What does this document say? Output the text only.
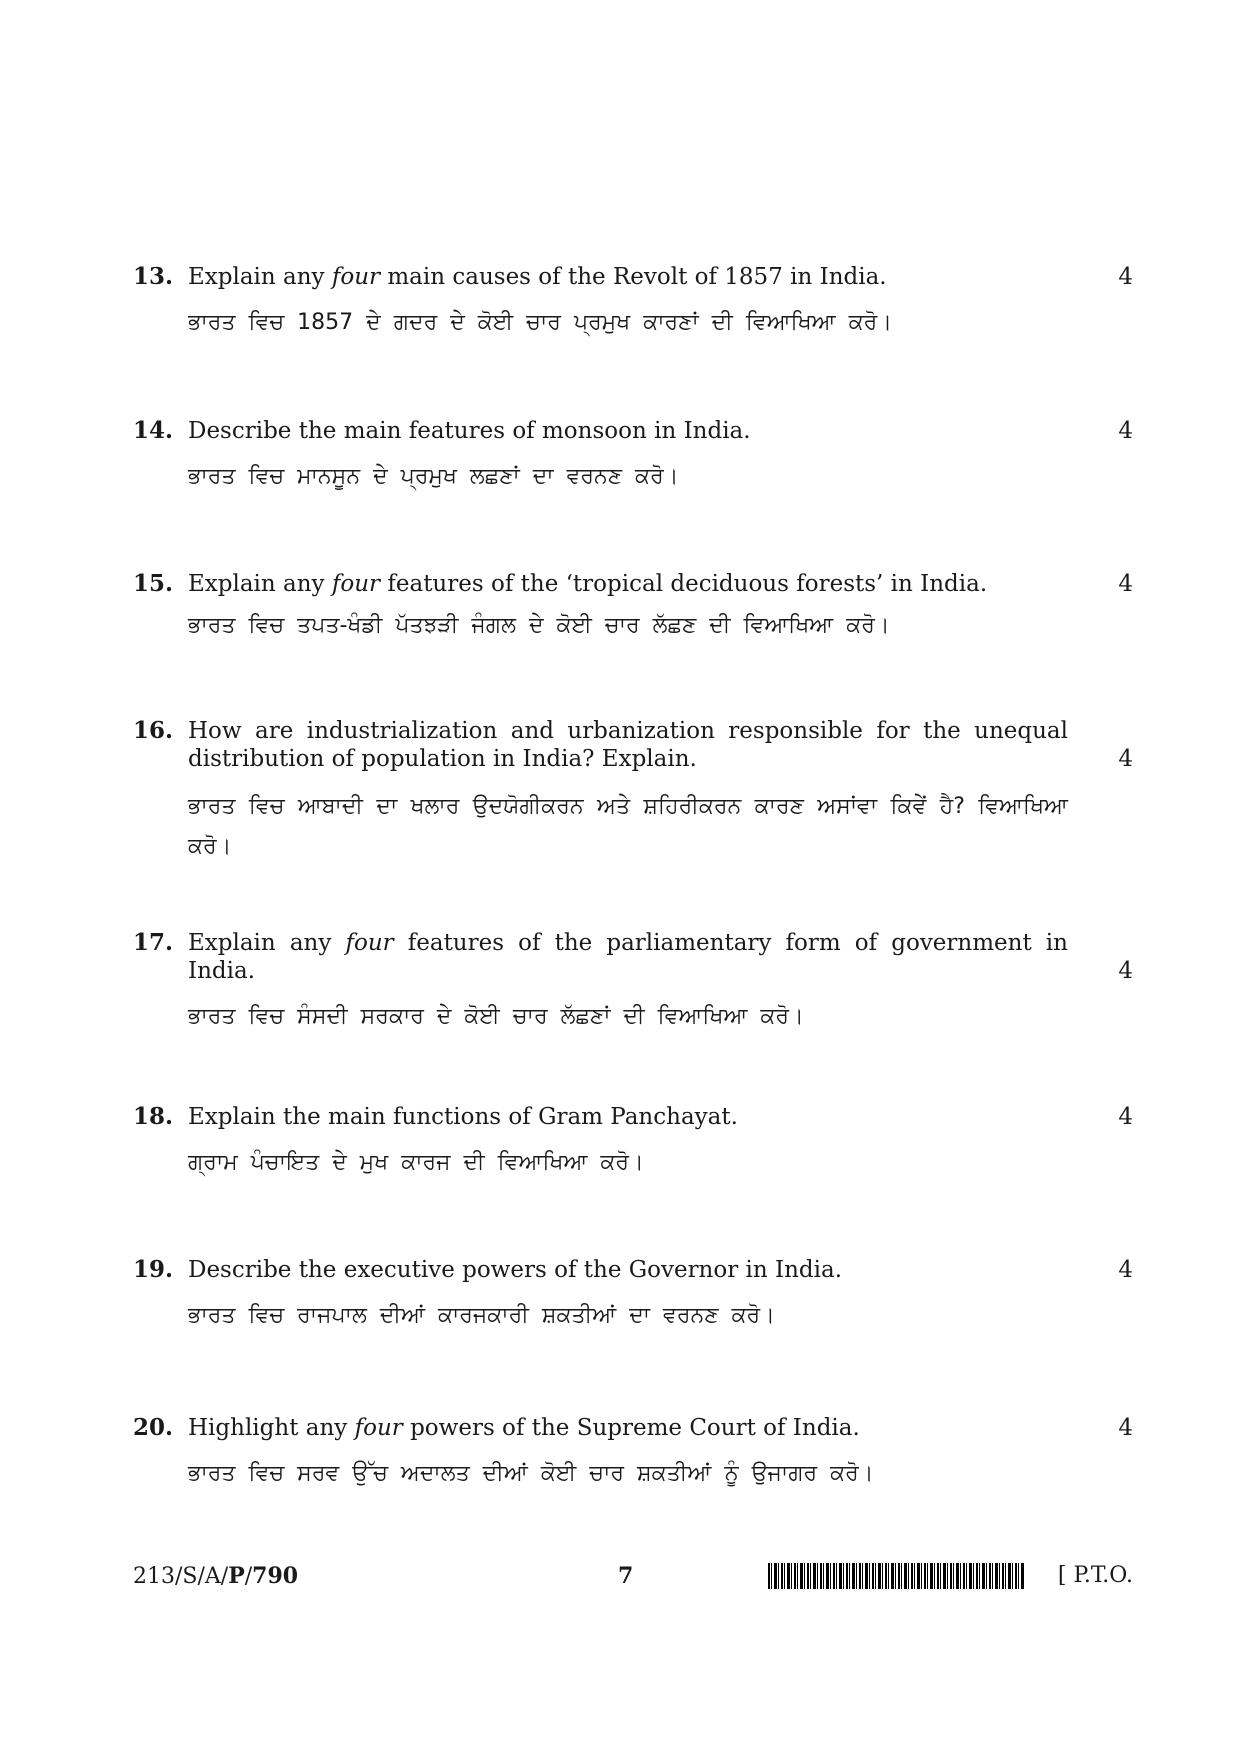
13. Explain any four main causes of the Revolt of 1857 in India.	4
ਭਾਰਤ ਵਿਚ 1857 ਦੇ ਗਦਰ ਦੇ ਕੋਈ ਚਾਰ ਪ੍ਰਮੁਖ ਕਾਰਣਾਂ ਦੀ ਵਿਆਖਿਆ ਕਰੋ।
14. Describe the main features of monsoon in India.	4
ਭਾਰਤ ਵਿਚ ਮਾਨਸੂਨ ਦੇ ਪ੍ਰਮੁਖ ਲਛਣਾਂ ਦਾ ਵਰਨਣ ਕਰੋ।
15. Explain any four features of the ‘tropical deciduous forests’ in India.	4
ਭਾਰਤ ਵਿਚ ਤਪਤ-ਖੰਡੀ ਪੱਤਝੜੀ ਜੰਗਲ ਦੇ ਕੋਈ ਚਾਰ ਲੱਛਣ ਦੀ ਵਿਆਖਿਆ ਕਰੋ।
16. How are industrialization and urbanization responsible for the unequal distribution of population in India? Explain.	4
ਭਾਰਤ ਵਿਚ ਆਬਾਦੀ ਦਾ ਖਲਾਰ ਉਦਯੋਗੀਕਰਨ ਅਤੇ ਸ਼ਹਿਰੀਕਰਨ ਕਾਰਣ ਅਸਾਂਵਾ ਕਿਵੇਂ ਹੈ? ਵਿਆਖਿਆ ਕਰੋ।
17. Explain any four features of the parliamentary form of government in India.	4
ਭਾਰਤ ਵਿਚ ਸੰਸਦੀ ਸਰਕਾਰ ਦੇ ਕੋਈ ਚਾਰ ਲੱਛਣਾਂ ਦੀ ਵਿਆਖਿਆ ਕਰੋ।
18. Explain the main functions of Gram Panchayat.	4
ਗ੍ਰਾਮ ਪੰਚਾਇਤ ਦੇ ਮੁਖ ਕਾਰਜ ਦੀ ਵਿਆਖਿਆ ਕਰੋ।
19. Describe the executive powers of the Governor in India.	4
ਭਾਰਤ ਵਿਚ ਰਾਜਪਾਲ ਦੀਆਂ ਕਾਰਜਕਾਰੀ ਸ਼ਕਤੀਆਂ ਦਾ ਵਰਨਣ ਕਰੋ।
20. Highlight any four powers of the Supreme Court of India.	4
ਭਾਰਤ ਵਿਚ ਸਰਵ ਉੱਚ ਅਦਾਲਤ ਦੀਆਂ ਕੋਈ ਚਾਰ ਸ਼ਕਤੀਆਂ ਨੂੰ ਉਜਾਗਰ ਕਰੋ।
213/S/A/P/790	7	[ P.T.O.
